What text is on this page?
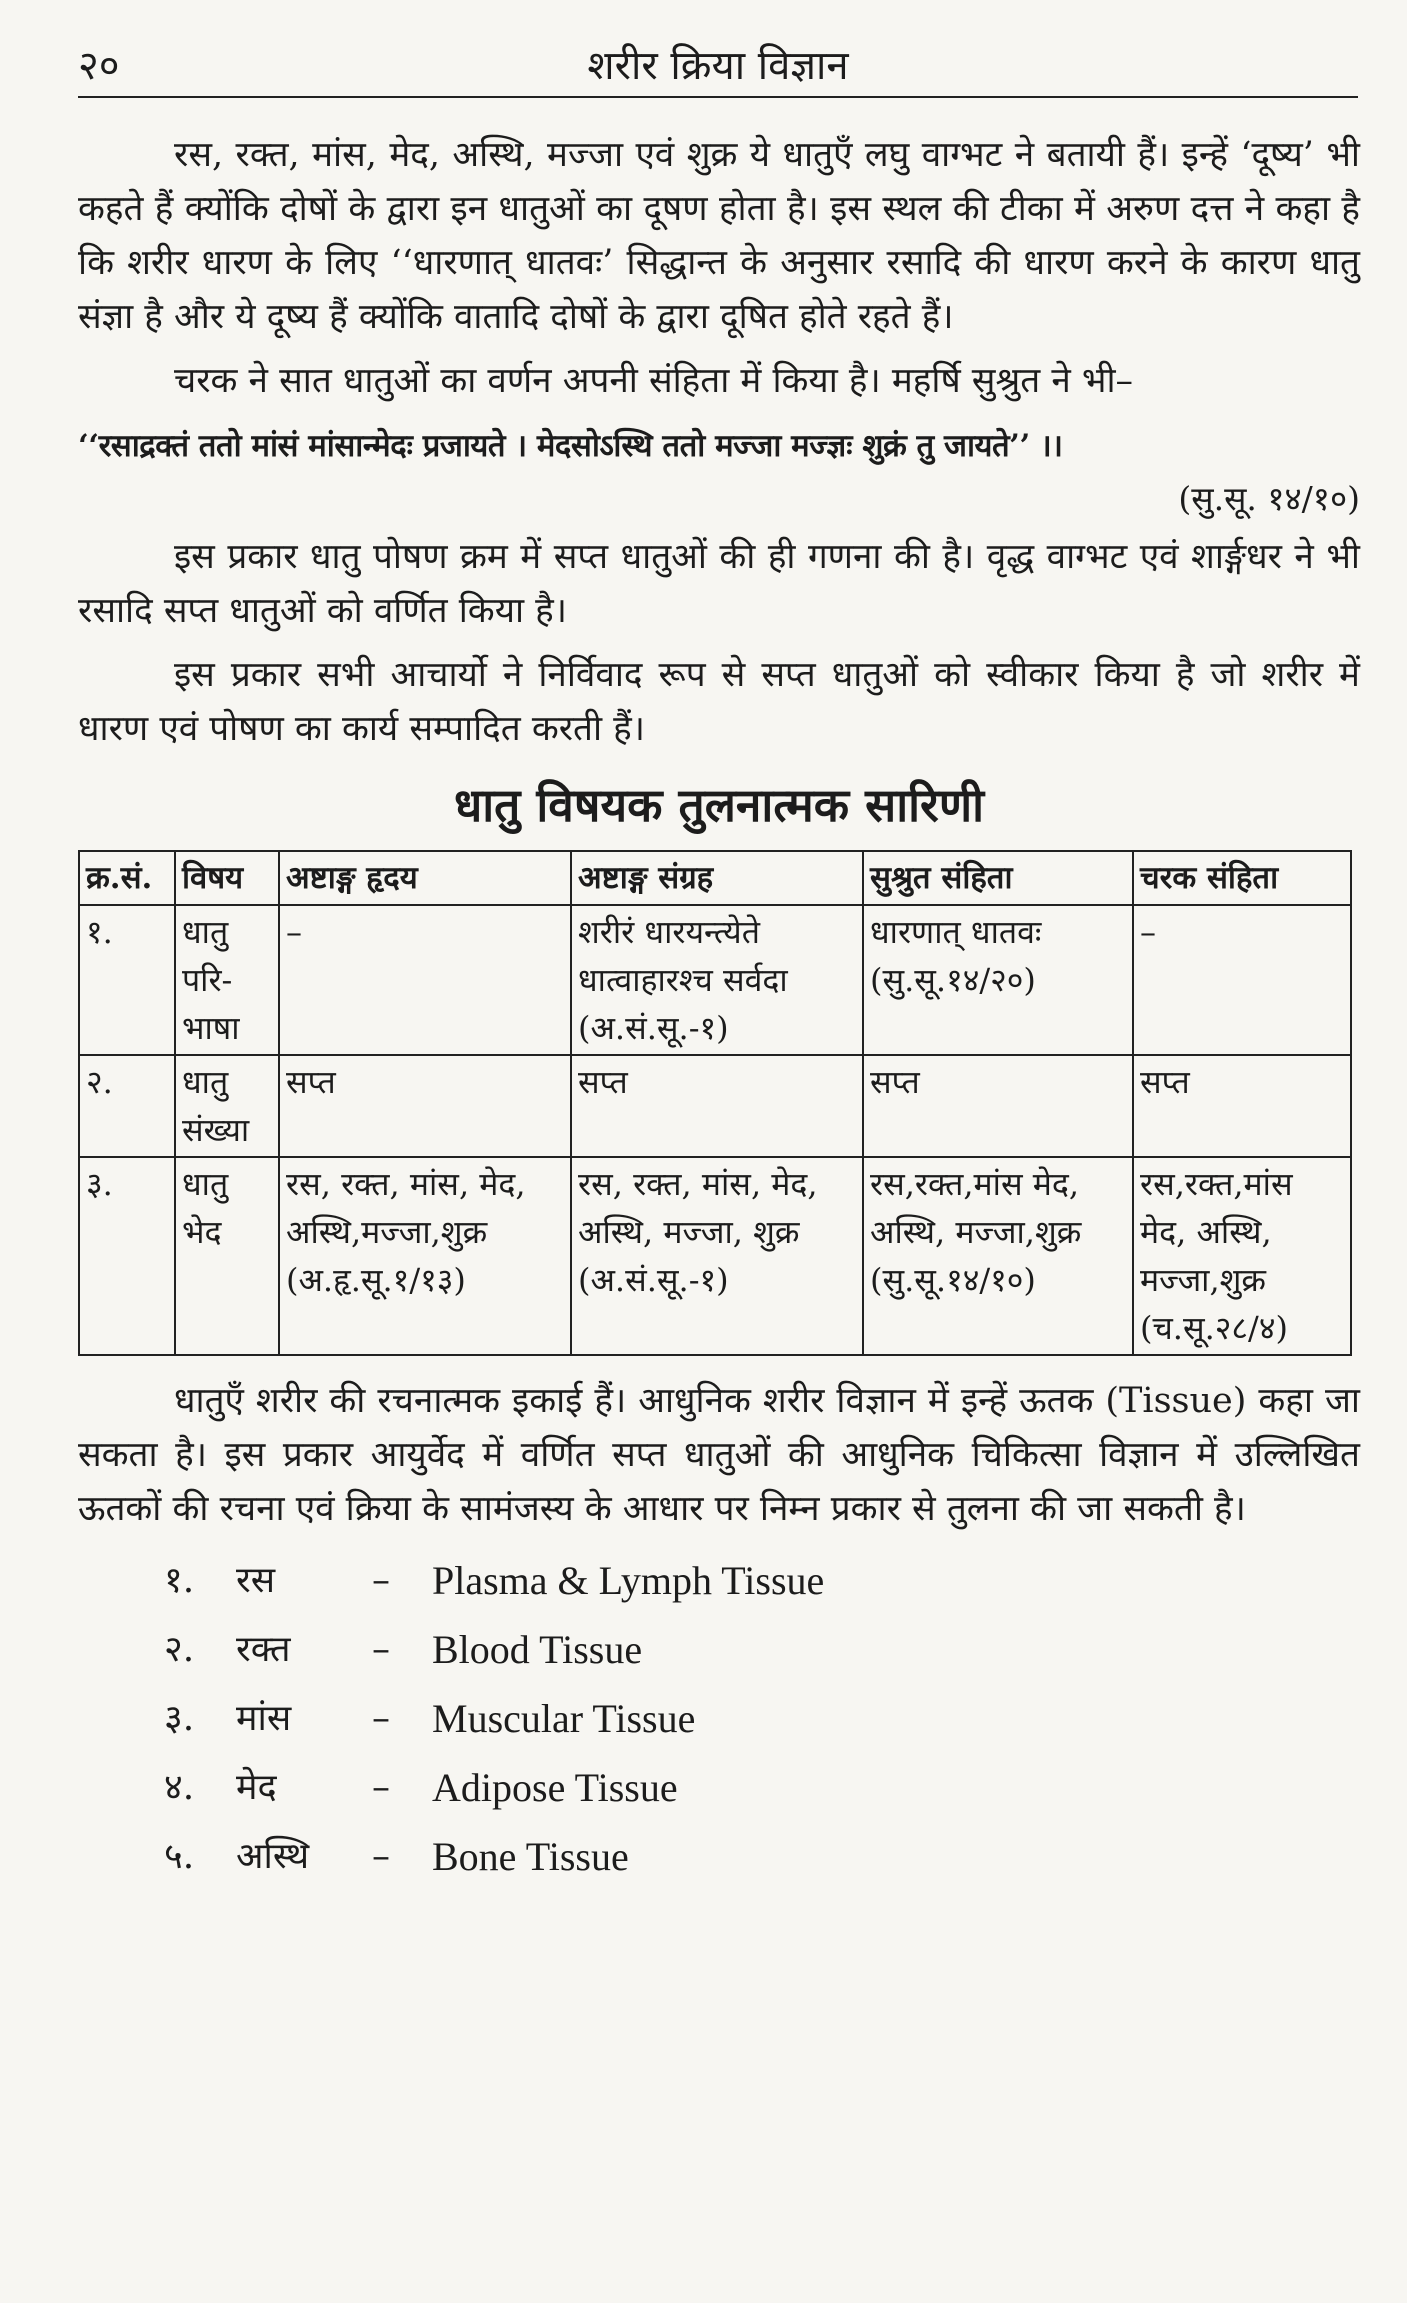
२०	शरीर क्रिया विज्ञान

रस, रक्त, मांस, मेद, अस्थि, मज्जा एवं शुक्र ये धातुएँ लघु वाग्भट ने बतायी हैं। इन्हें ‘दूष्य’ भी कहते हैं क्योंकि दोषों के द्वारा इन धातुओं का दूषण होता है। इस स्थल की टीका में अरुण दत्त ने कहा है कि शरीर धारण के लिए ‘‘धारणात् धातवः’ सिद्धान्त के अनुसार रसादि की धारण करने के कारण धातु संज्ञा है और ये दूष्य हैं क्योंकि वातादि दोषों के द्वारा दूषित होते रहते हैं।

चरक ने सात धातुओं का वर्णन अपनी संहिता में किया है। महर्षि सुश्रुत ने भी–

‘‘रसाद्रक्तं ततो मांसं मांसान्मेदः प्रजायते । मेदसोऽस्थि ततो मज्जा मज्ज्ञः शुक्रं तु जायते’’ ।।

(सु.सू. १४/१०)

इस प्रकार धातु पोषण क्रम में सप्त धातुओं की ही गणना की है। वृद्ध वाग्भट एवं शार्ङ्गधर ने भी रसादि सप्त धातुओं को वर्णित किया है।

इस प्रकार सभी आचार्यो ने निर्विवाद रूप से सप्त धातुओं को स्वीकार किया है जो शरीर में धारण एवं पोषण का कार्य सम्पादित करती हैं।

धातु विषयक तुलनात्मक सारिणी
क्र.सं.	विषय	अष्टाङ्ग हृदय	अष्टाङ्ग संग्रह	सुश्रुत संहिता	चरक संहिता
१.	धातु परि-भाषा	–	शरीरं धारयन्त्येते धात्वाहारश्च सर्वदा (अ.सं.सू.-१)	धारणात् धातवः (सु.सू.१४/२०)	–
२.	धातु संख्या	सप्त	सप्त	सप्त	सप्त
३.	धातु भेद	रस, रक्त, मांस, मेद, अस्थि,मज्जा,शुक्र (अ.हृ.सू.१/१३)	रस, रक्त, मांस, मेद, अस्थि, मज्जा, शुक्र (अ.सं.सू.-१)	रस,रक्त,मांस मेद, अस्थि, मज्जा,शुक्र (सु.सू.१४/१०)	रस,रक्त,मांस मेद, अस्थि, मज्जा,शुक्र (च.सू.२८/४)

धातुएँ शरीर की रचनात्मक इकाई हैं। आधुनिक शरीर विज्ञान में इन्हें ऊतक (Tissue) कहा जा सकता है। इस प्रकार आयुर्वेद में वर्णित सप्त धातुओं की आधुनिक चिकित्सा विज्ञान में उल्लिखित ऊतकों की रचना एवं क्रिया के सामंजस्य के आधार पर निम्न प्रकार से तुलना की जा सकती है।

१.	रस	–	Plasma & Lymph Tissue
२.	रक्त	–	Blood Tissue
३.	मांस	–	Muscular Tissue
४.	मेद	–	Adipose Tissue
५.	अस्थि	–	Bone Tissue
